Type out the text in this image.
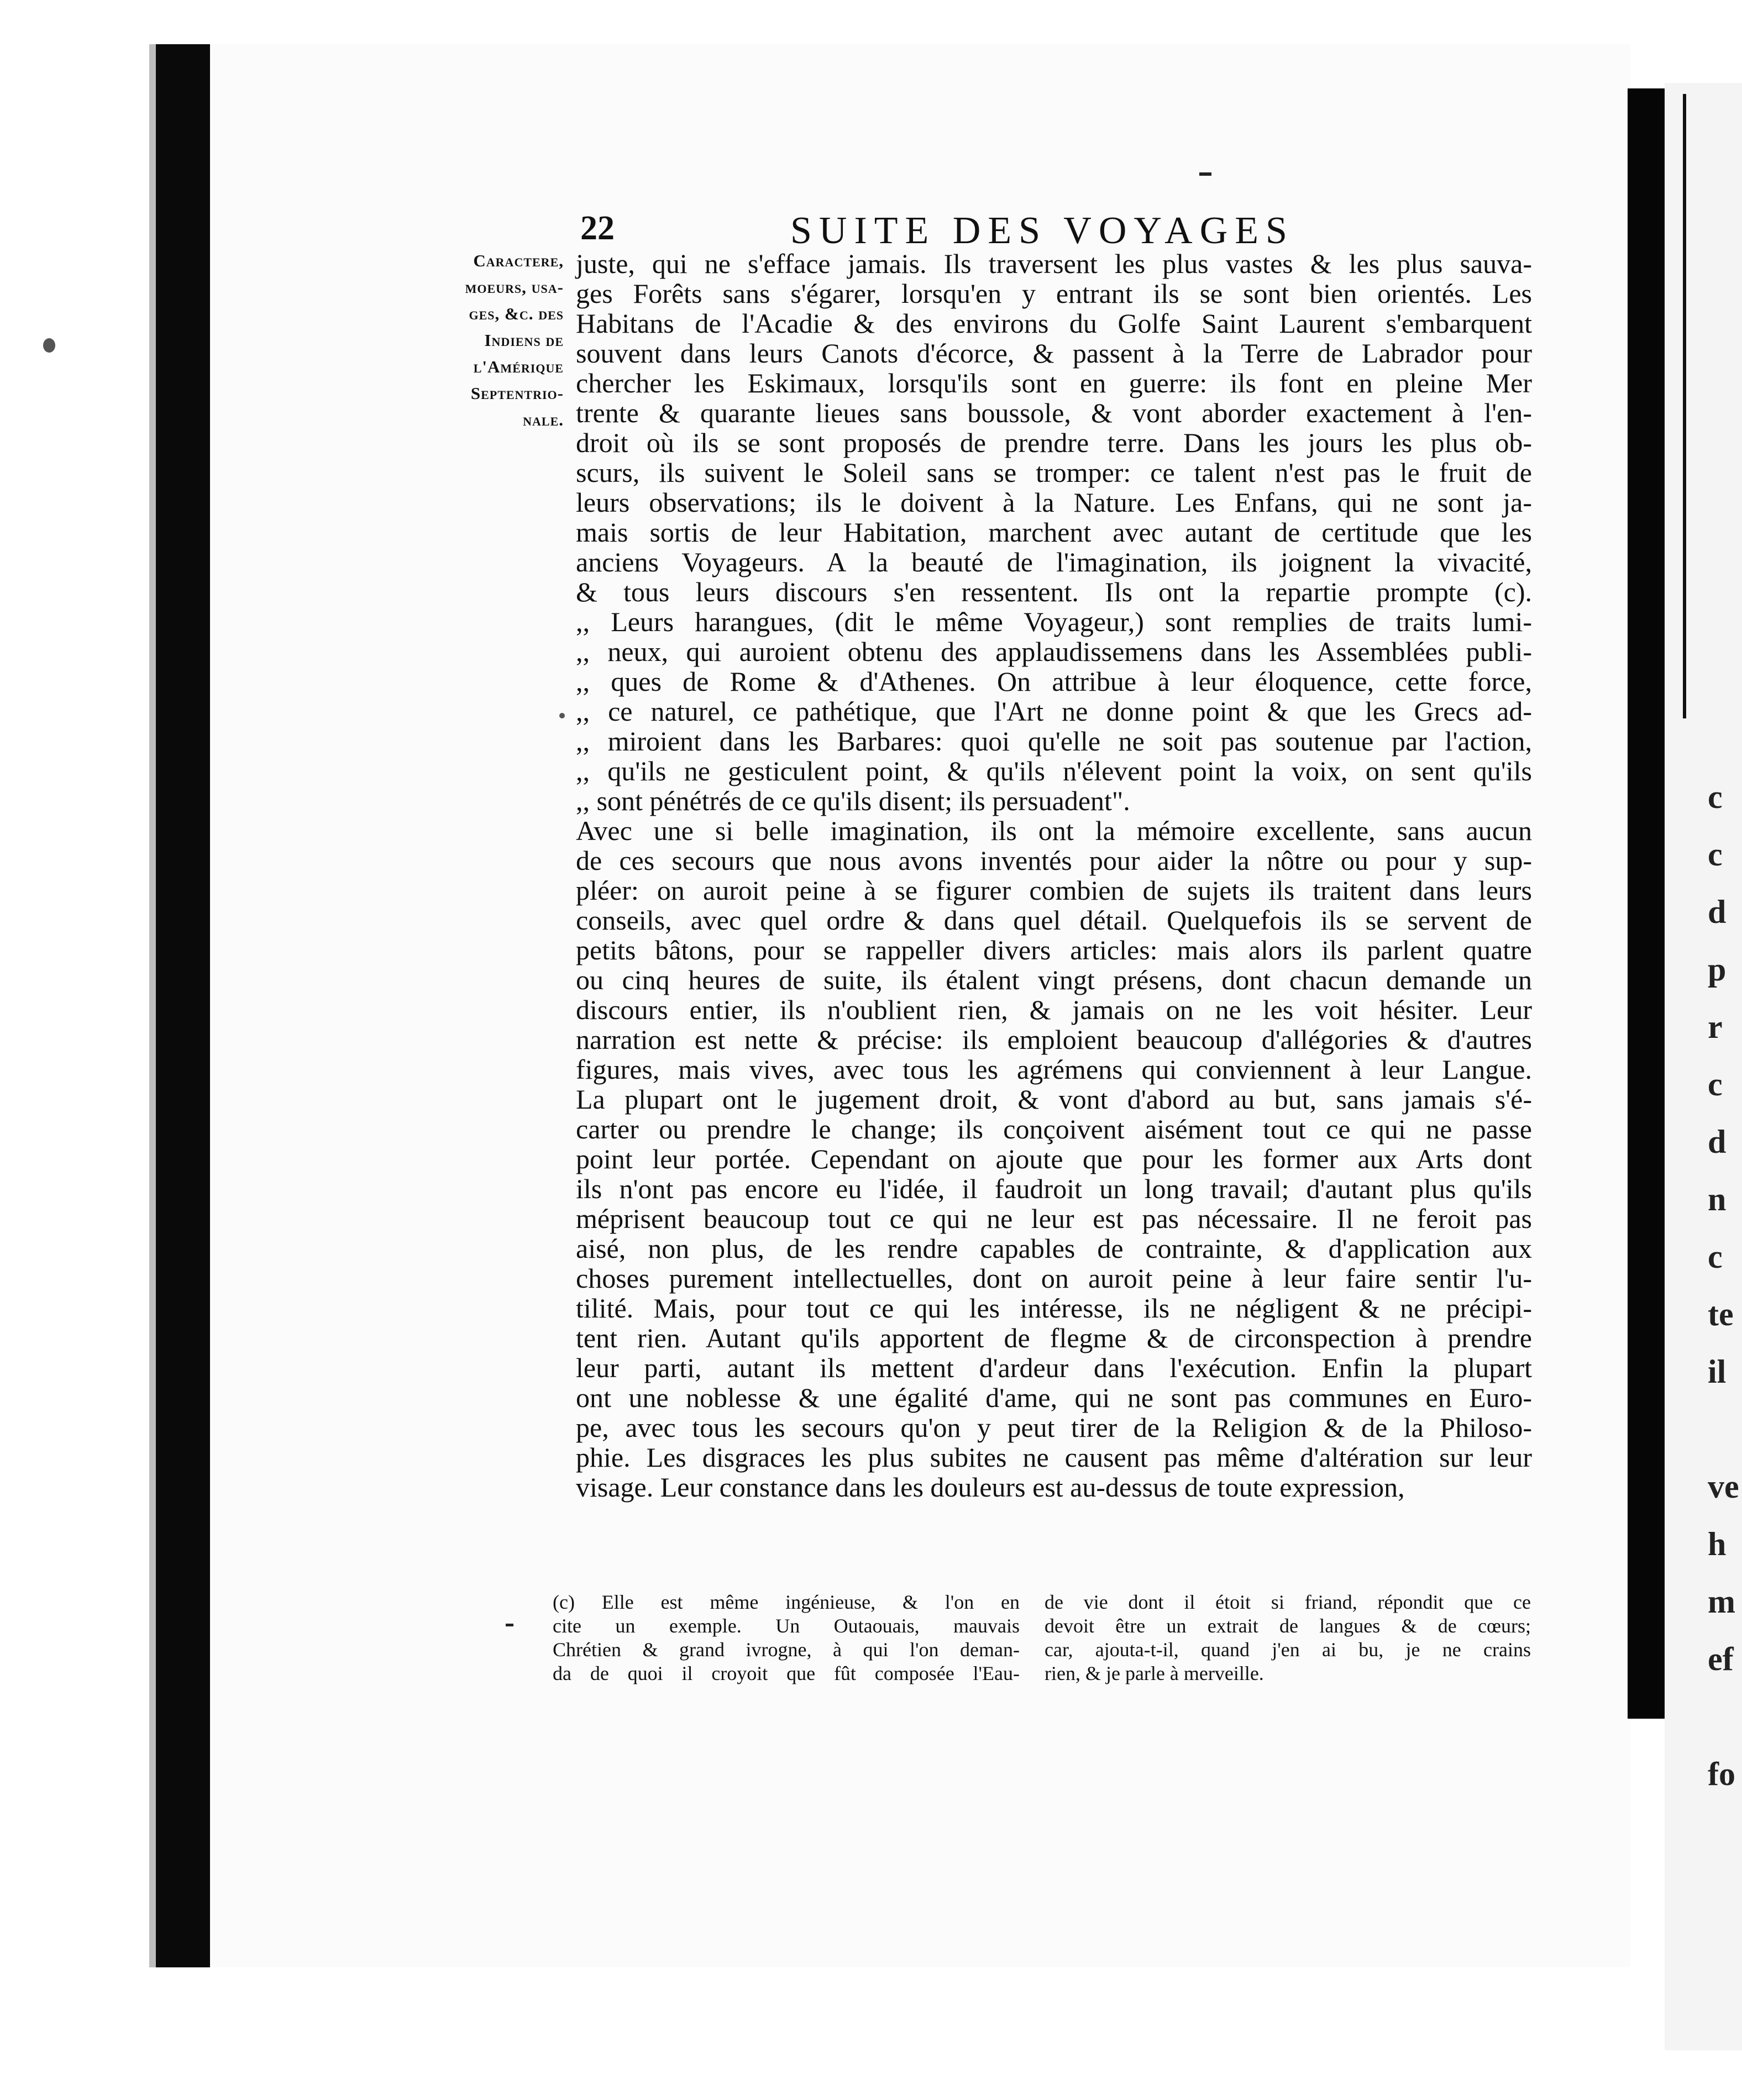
c
c
d
p
r
c
d
n
c
te
il
ve
h
m
ef
fo
22	SUITE DES VOYAGES
Caractere,
moeurs, usa-
ges, &c. des
Indiens de
l'Amérique
Septentrio-
nale.
juste, qui ne s'efface jamais. Ils traversent les plus vastes & les plus sauva-
ges Forêts sans s'égarer, lorsqu'en y entrant ils se sont bien orientés. Les
Habitans de l'Acadie & des environs du Golfe Saint Laurent s'embarquent
souvent dans leurs Canots d'écorce, & passent à la Terre de Labrador pour
chercher les Eskimaux, lorsqu'ils sont en guerre: ils font en pleine Mer
trente & quarante lieues sans boussole, & vont aborder exactement à l'en-
droit où ils se sont proposés de prendre terre. Dans les jours les plus ob-
scurs, ils suivent le Soleil sans se tromper: ce talent n'est pas le fruit de
leurs observations; ils le doivent à la Nature. Les Enfans, qui ne sont ja-
mais sortis de leur Habitation, marchent avec autant de certitude que les
anciens Voyageurs. A la beauté de l'imagination, ils joignent la vivacité,
& tous leurs discours s'en ressentent. Ils ont la repartie prompte (c).
,, Leurs harangues, (dit le même Voyageur,) sont remplies de traits lumi-
,, neux, qui auroient obtenu des applaudissemens dans les Assemblées publi-
,, ques de Rome & d'Athenes. On attribue à leur éloquence, cette force,
,, ce naturel, ce pathétique, que l'Art ne donne point & que les Grecs ad-
,, miroient dans les Barbares: quoi qu'elle ne soit pas soutenue par l'action,
,, qu'ils ne gesticulent point, & qu'ils n'élevent point la voix, on sent qu'ils
,, sont pénétrés de ce qu'ils disent; ils persuadent".
Avec une si belle imagination, ils ont la mémoire excellente, sans aucun
de ces secours que nous avons inventés pour aider la nôtre ou pour y sup-
pléer: on auroit peine à se figurer combien de sujets ils traitent dans leurs
conseils, avec quel ordre & dans quel détail. Quelquefois ils se servent de
petits bâtons, pour se rappeller divers articles: mais alors ils parlent quatre
ou cinq heures de suite, ils étalent vingt présens, dont chacun demande un
discours entier, ils n'oublient rien, & jamais on ne les voit hésiter. Leur
narration est nette & précise: ils emploient beaucoup d'allégories & d'autres
figures, mais vives, avec tous les agrémens qui conviennent à leur Langue.
La plupart ont le jugement droit, & vont d'abord au but, sans jamais s'é-
carter ou prendre le change; ils conçoivent aisément tout ce qui ne passe
point leur portée. Cependant on ajoute que pour les former aux Arts dont
ils n'ont pas encore eu l'idée, il faudroit un long travail; d'autant plus qu'ils
méprisent beaucoup tout ce qui ne leur est pas nécessaire. Il ne feroit pas
aisé, non plus, de les rendre capables de contrainte, & d'application aux
choses purement intellectuelles, dont on auroit peine à leur faire sentir l'u-
tilité. Mais, pour tout ce qui les intéresse, ils ne négligent & ne précipi-
tent rien. Autant qu'ils apportent de flegme & de circonspection à prendre
leur parti, autant ils mettent d'ardeur dans l'exécution. Enfin la plupart
ont une noblesse & une égalité d'ame, qui ne sont pas communes en Euro-
pe, avec tous les secours qu'on y peut tirer de la Religion & de la Philoso-
phie. Les disgraces les plus subites ne causent pas même d'altération sur leur
visage. Leur constance dans les douleurs est au-dessus de toute expression,
(c) Elle est même ingénieuse, & l'on en
cite un exemple. Un Outaouais, mauvais
Chrétien & grand ivrogne, à qui l'on deman-
da de quoi il croyoit que fût composée l'Eau-
de vie dont il étoit si friand, répondit que ce
devoit être un extrait de langues & de cœurs;
car, ajouta-t-il, quand j'en ai bu, je ne crains
rien, & je parle à merveille.
